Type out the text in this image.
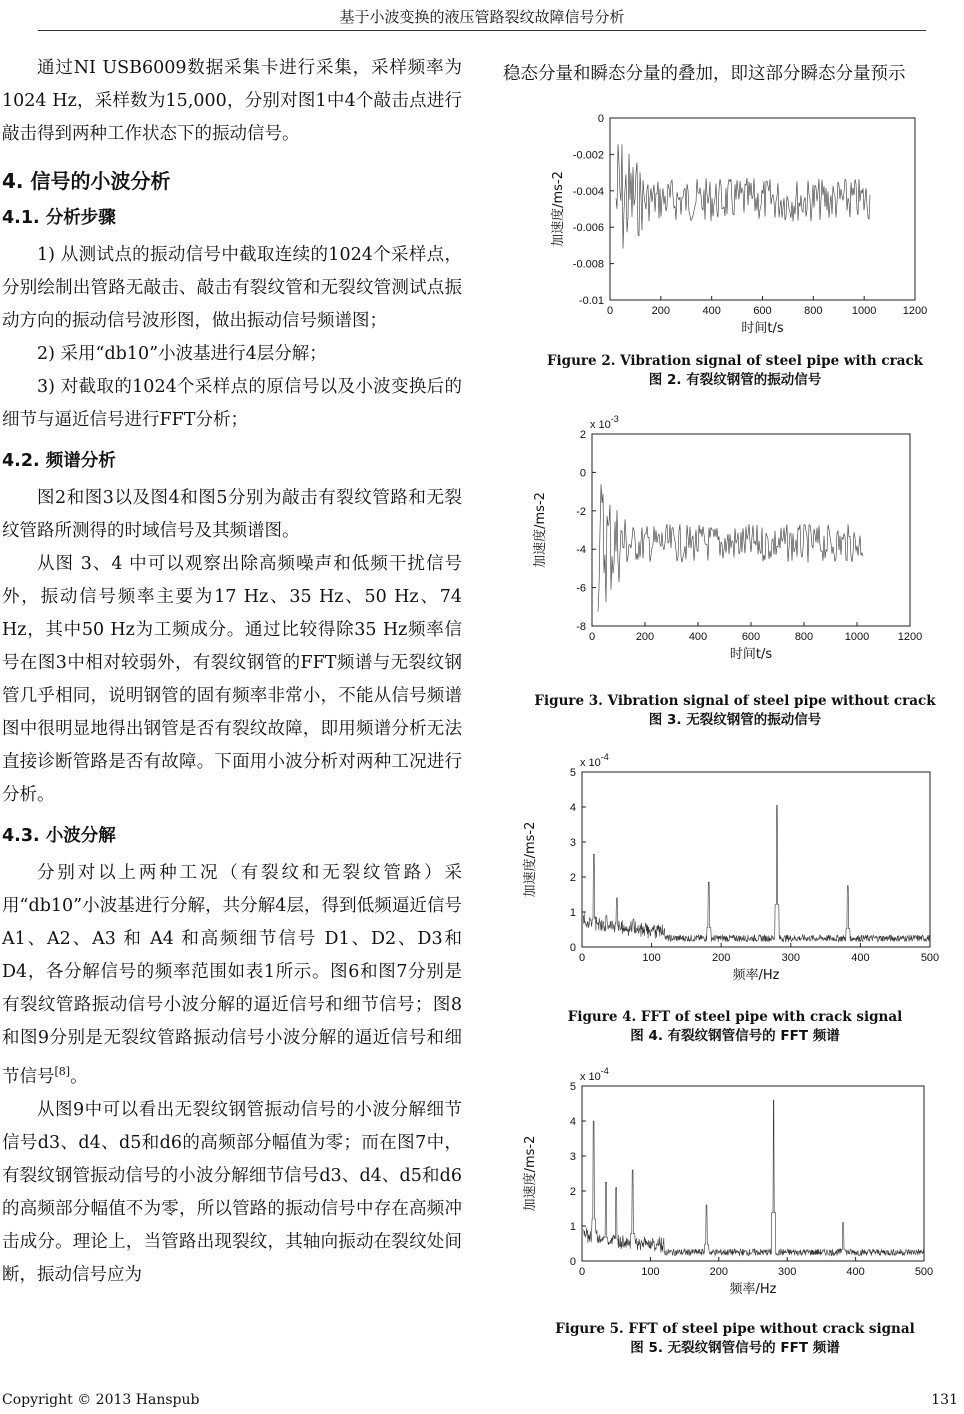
基于小波变换的液压管路裂纹故障信号分析

通过NI USB6009数据采集卡进行采集，采样频率为1024 Hz，采样数为15,000，分别对图1中4个敲击点进行敲击得到两种工作状态下的振动信号。

4. 信号的小波分析
4.1. 分析步骤

1) 从测试点的振动信号中截取连续的1024个采样点，分别绘制出管路无敲击、敲击有裂纹管和无裂纹管测试点振动方向的振动信号波形图，做出振动信号频谱图；

2) 采用“db10”小波基进行4层分解；

3) 对截取的1024个采样点的原信号以及小波变换后的细节与逼近信号进行FFT分析；

4.2. 频谱分析

图2和图3以及图4和图5分别为敲击有裂纹管路和无裂纹管路所测得的时域信号及其频谱图。

从图 3、4 中可以观察出除高频噪声和低频干扰信号外，振动信号频率主要为17 Hz、35 Hz、50 Hz、74 Hz，其中50 Hz为工频成分。通过比较得除35 Hz频率信号在图3中相对较弱外，有裂纹钢管的FFT频谱与无裂纹钢管几乎相同，说明钢管的固有频率非常小，不能从信号频谱图中很明显地得出钢管是否有裂纹故障，即用频谱分析无法直接诊断管路是否有故障。下面用小波分析对两种工况进行分析。

4.3. 小波分解

分别对以上两种工况（有裂纹和无裂纹管路）采用“db10”小波基进行分解，共分解4层，得到低频逼近信号 A1、A2、A3 和 A4 和高频细节信号 D1、D2、D3和D4，各分解信号的频率范围如表1所示。图6和图7分别是有裂纹管路振动信号小波分解的逼近信号和细节信号；图8和图9分别是无裂纹管路振动信号小波分解的逼近信号和细节信号[8]。

从图9中可以看出无裂纹钢管振动信号的小波分解细节信号d3、d4、d5和d6的高频部分幅值为零；而在图7中，有裂纹钢管振动信号的小波分解细节信号d3、d4、d5和d6的高频部分幅值不为零，所以管路的振动信号中存在高频冲击成分。理论上，当管路出现裂纹，其轴向振动在裂纹处间断，振动信号应为

稳态分量和瞬态分量的叠加，即这部分瞬态分量预示
0	200	400	600	800	1000 1200
0
-0.002
-0.004
-0.006
-0.008
-0.01
加速度/ms-2
时间t/s
Figure 2. Vibration signal of steel pipe with crack
图 2. 有裂纹钢管的振动信号
0	200	400	600	800	1000	1200
2
0
-2
-4
-6
-8
x $10^{-3}$
加速度/ms-2
时间t/s
Figure 3. Vibration signal of steel pipe without crack
图 3. 无裂纹钢管的振动信号
0	100	200	300	400	500
5
4
3
2
1
0
x $10^{-4}$
加速度/ms-2
频率/Hz
Figure 4. FFT of steel pipe with crack signal
图 4. 有裂纹钢管信号的 FFT 频谱
0	100	200	300	400	500
5
4
3
2
1
0
x $10^{-4}$
加速度/ms-2
频率/Hz
Figure 5. FFT of steel pipe without crack signal
图 5. 无裂纹钢管信号的 FFT 频谱
Copyright © 2013 Hanspub	131
